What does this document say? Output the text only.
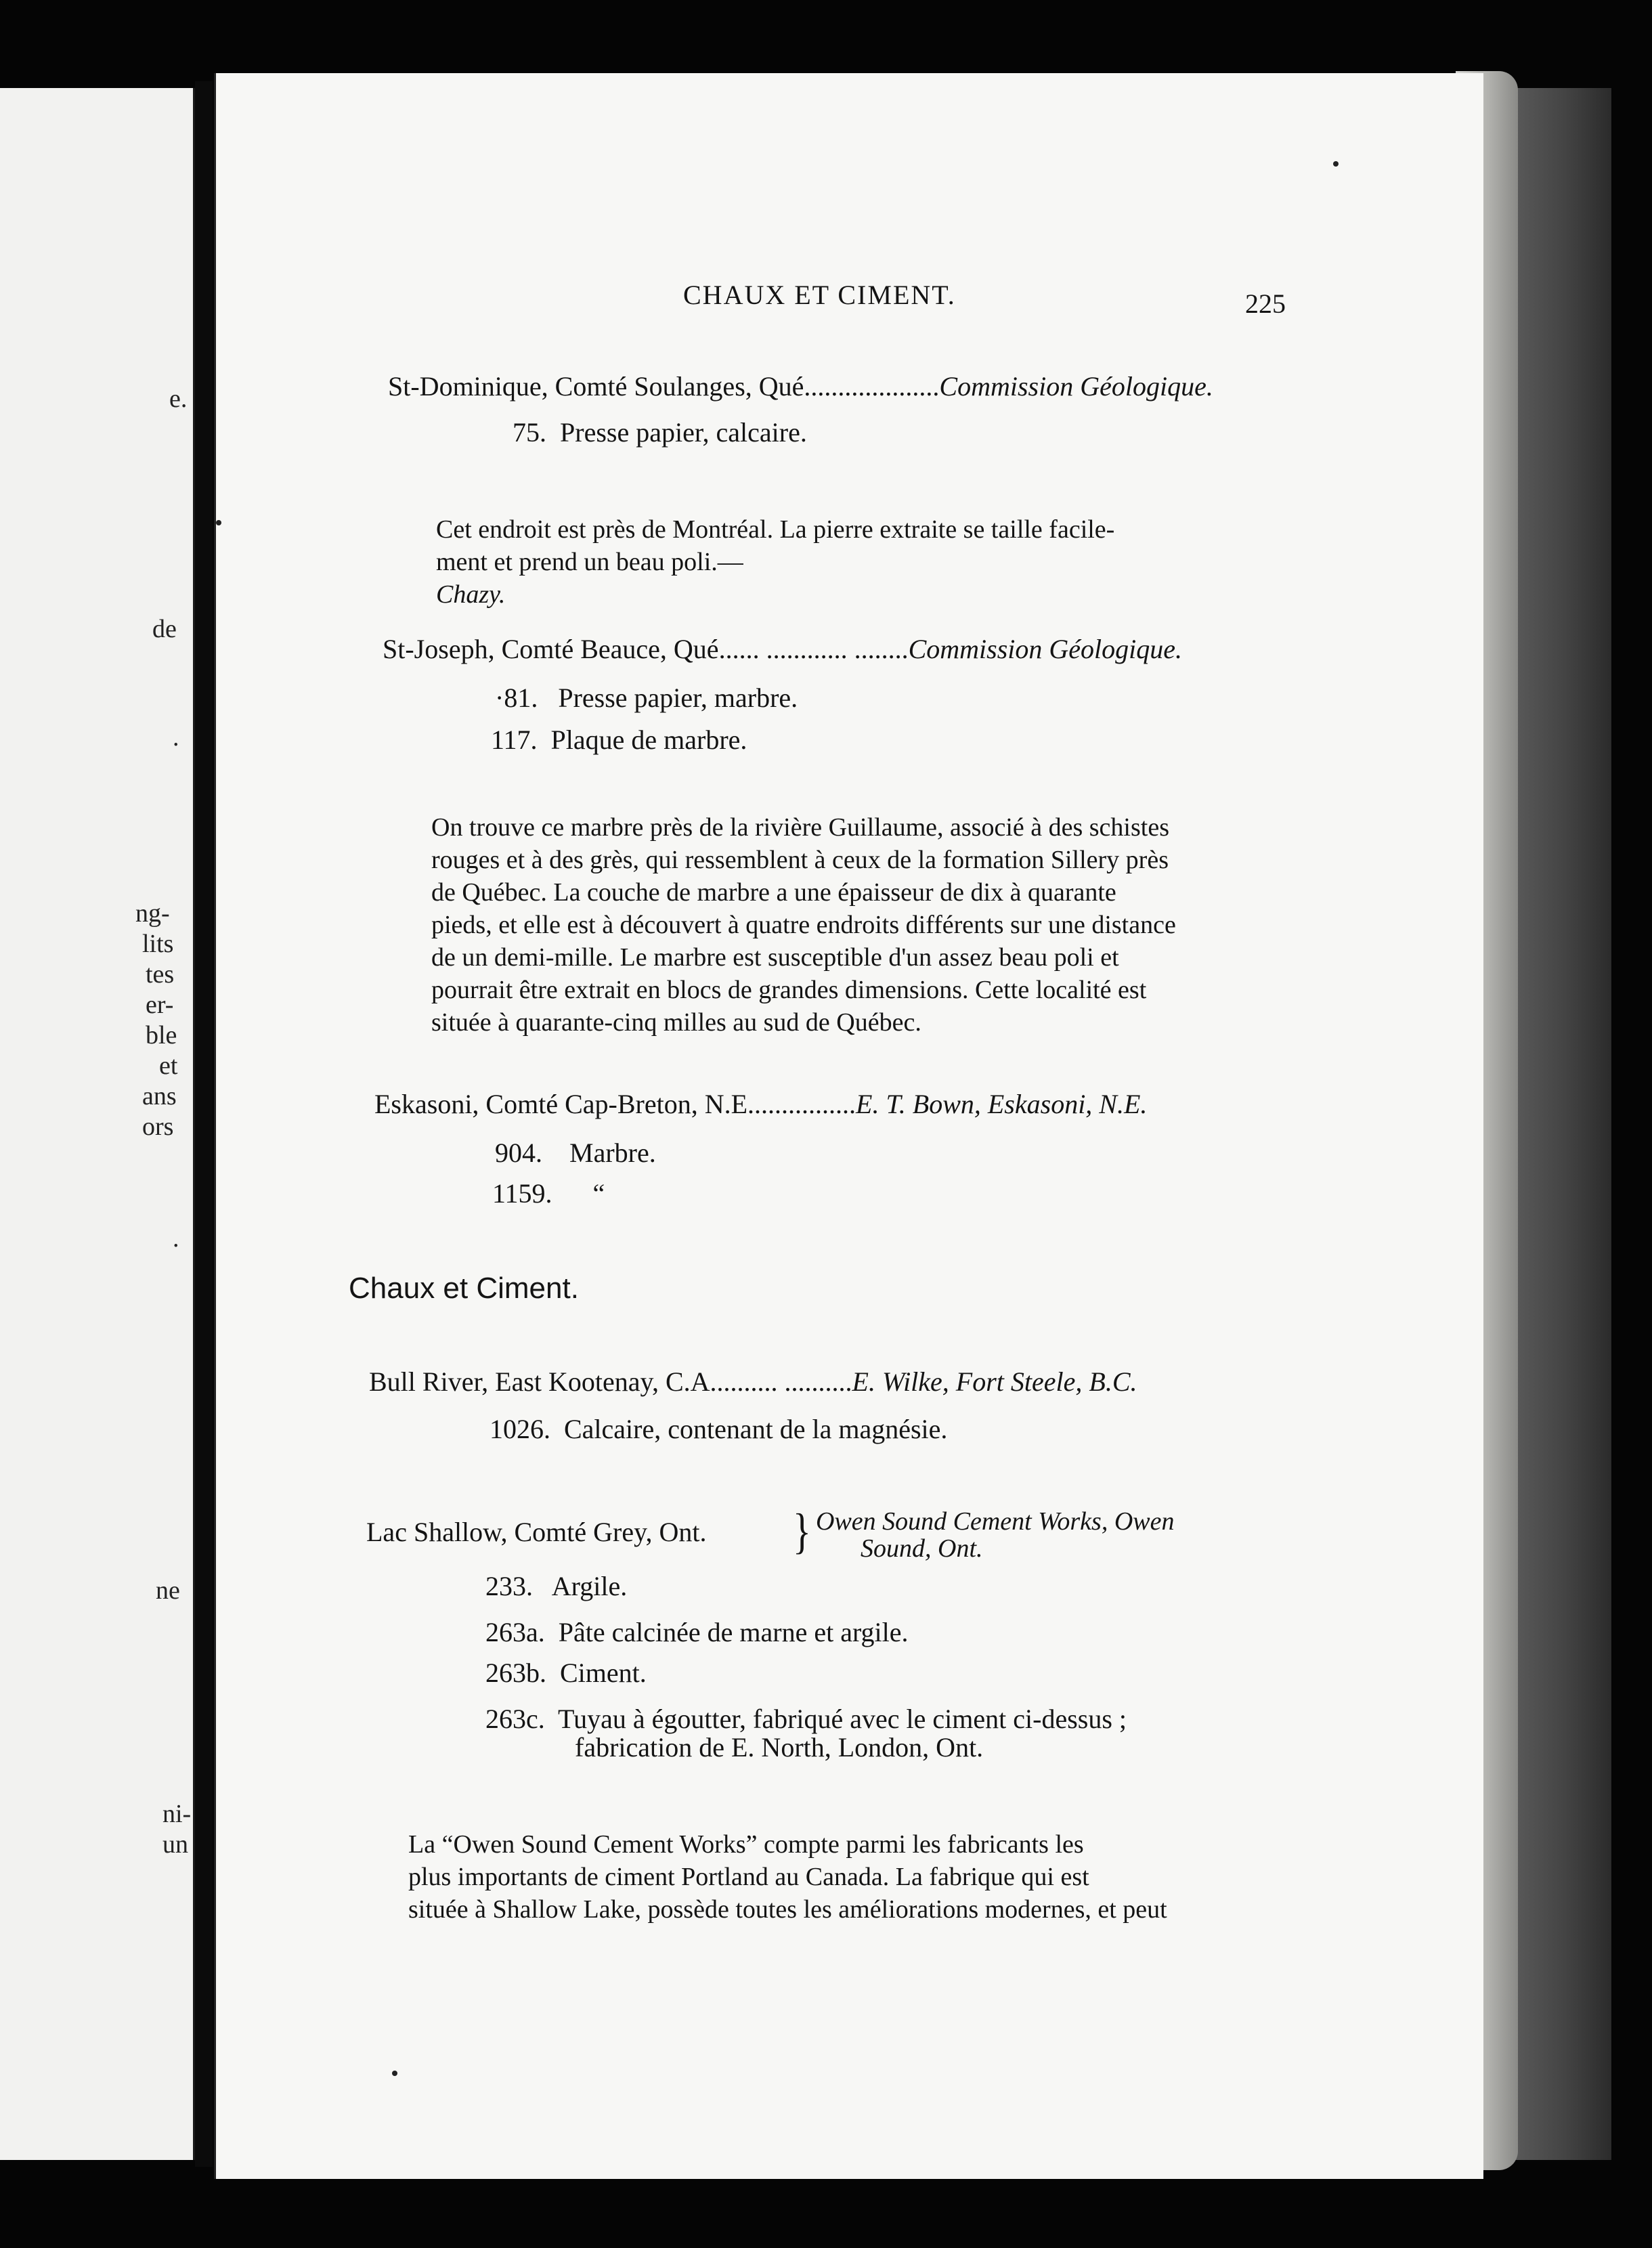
e.
de
.
ng-
lits
tes
er-
ble
et
ans
ors
.
ne
ni-
un
CHAUX ET CIMENT.	225
St-Dominique, Comté Soulanges, Qué....................Commission Géologique.
75. Presse papier, calcaire.
Cet endroit est près de Montréal. La pierre extraite se taille facile-
ment et prend un beau poli.—
Chazy.
St-Joseph, Comté Beauce, Qué...... ............ ........Commission Géologique.
·81. Presse papier, marbre.
117. Plaque de marbre.
On trouve ce marbre près de la rivière Guillaume, associé à des schistes
rouges et à des grès, qui ressemblent à ceux de la formation Sillery près
de Québec. La couche de marbre a une épaisseur de dix à quarante
pieds, et elle est à découvert à quatre endroits différents sur une distance
de un demi-mille. Le marbre est susceptible d'un assez beau poli et
pourrait être extrait en blocs de grandes dimensions. Cette localité est
située à quarante-cinq milles au sud de Québec.
Eskasoni, Comté Cap-Breton, N.E................E. T. Bown, Eskasoni, N.E.
904. Marbre.
1159. “
Chaux et Ciment.
Bull River, East Kootenay, C.A.......... ..........E. Wilke, Fort Steele, B.C.
1026. Calcaire, contenant de la magnésie.
Lac Shallow, Comté Grey, Ont. } Owen Sound Cement Works, Owen
Sound, Ont.
233. Argile.
263a. Pâte calcinée de marne et argile.
263b. Ciment.
263c. Tuyau à égoutter, fabriqué avec le ciment ci-dessus ;
fabrication de E. North, London, Ont.
La “Owen Sound Cement Works” compte parmi les fabricants les
plus importants de ciment Portland au Canada. La fabrique qui est
située à Shallow Lake, possède toutes les améliorations modernes, et peut
